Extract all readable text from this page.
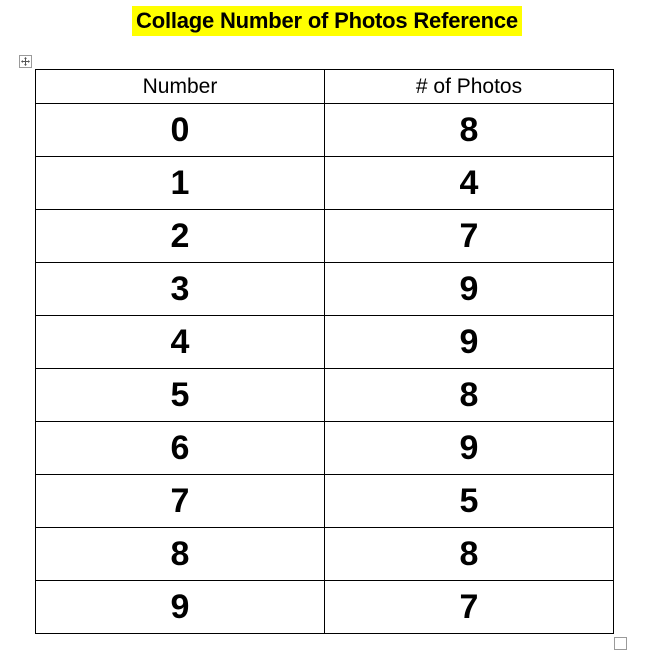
Collage Number of Photos Reference
Number	# of Photos
0	8
1	4
2	7
3	9
4	9
5	8
6	9
7	5
8	8
9	7
